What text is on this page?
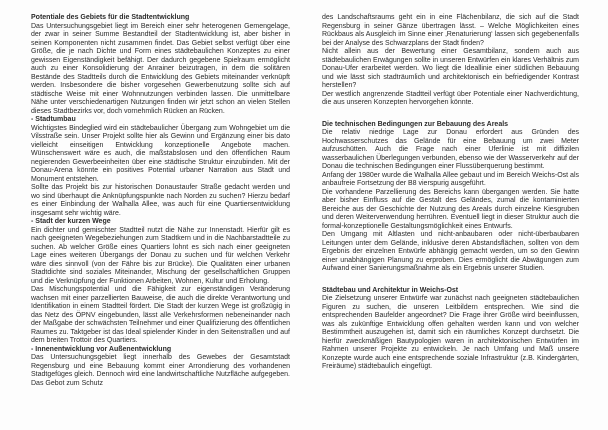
Potentiale des Gebiets für die Stadtentwicklung

Das Untersuchungsgebiet liegt im Bereich einer sehr heterogenen Gemengelage, der zwar in seiner Summe Bestandteil der Stadtentwicklung ist, aber bisher in seinen Komponenten nicht zusammen findet. Das Gebiet selbst verfügt über eine Größe, die je nach Dichte und Form eines städtebaulichen Konzeptes zu einer gewissen Eigenständigkeit befähigt. Der dadurch gegebene Spielraum ermöglicht auch zu einer Konsolidierung der Anrainer beizutragen, in dem die solitären Bestände des Stadtteils durch die Entwicklung des Gebiets miteinander verknüpft werden. Insbesondere die bisher vorgesehen Gewerbenutzung sollte sich auf städtische Weise mit einer Wohnnutzungen verbinden lassen. Die unmittelbare Nähe unter verschiedenartigen Nutzungen finden wir jetzt schon an vielen Stellen dieses Stadtbezirks vor, doch vornehmlich Rücken an Rücken.

- Stadtumbau

Wichtigstes Bindeglied wird ein städtebaulicher Übergang zum Wohngebiet um die Vilsstraße sein. Unser Projekt sollte hier als Gewinn und Ergänzung einer bis dato vielleicht einseitigen Entwicklung konzeptionelle Angebote machen. Wünschenswert wäre es auch, die maßstabslosen und den öffentlichen Raum negierenden Gewerbeeinheiten über eine städtische Struktur einzubinden. Mit der Donau-Arena könnte ein positives Potential urbaner Narration aus Stadt und Monument entstehen.

Sollte das Projekt bis zur historischen Donaustaufer Straße gedacht werden und wo sind überhaupt die Anknüpfungspunkte nach Norden zu suchen? Hierzu bedarf es einer Einbindung der Walhalla Allee, was auch für eine Quartiersentwicklung insgesamt sehr wichtig wäre.

- Stadt der kurzen Wege

Ein dichter und gemischter Stadtteil nutzt die Nähe zur Innenstadt. Hierfür gilt es nach geeigneten Wegebeziehungen zum Stadtkern und in die Nachbarstadtteile zu suchen. Ab welcher Größe eines Quartiers lohnt es sich nach einer geeigneten Lage eines weiteren Übergangs der Donau zu suchen und für welchen Verkehr wäre dies sinnvoll (von der Fähre bis zur Brücke). Die Qualitäten einer urbanen Stadtdichte sind soziales Miteinander, Mischung der gesellschaftlichen Gruppen und die Verknüpfung der Funktionen Arbeiten, Wohnen, Kultur und Erholung.

Das Mischungspotential und die Fähigkeit zur eigenständigen Veränderung wachsen mit einer parzellierten Bauweise, die auch die direkte Verantwortung und Identifikation in einem Stadtteil fördert. Die Stadt der kurzen Wege ist großzügig in das Netz des ÖPNV eingebunden, lässt alle Verkehrsformen nebeneinander nach der Maßgabe der schwächsten Teilnehmer und einer Qualifizierung des öffentlichen Raumes zu. Taktgeber ist das Ideal spielender Kinder in den Seitenstraßen und auf dem breiten Trottoir des Quartiers.

- Innenentwicklung vor Außenentwicklung

Das Untersuchungsgebiet liegt innerhalb des Gewebes der Gesamtstadt Regensburg und eine Bebauung kommt einer Arrondierung des vorhandenen Stadtgefüges gleich. Dennoch wird eine landwirtschaftliche Nutzfläche aufgegeben. Das Gebot zum Schutz

des Landschaftsraums geht ein in eine Flächenbilanz, die sich auf die Stadt Regensburg in seiner Gänze übertragen lässt. – Welche Möglichkeiten eines Rückbaus als Ausgleich im Sinne einer ‚Renaturierung‘ lassen sich gegebenenfalls bei der Analyse des Schwarzplans der Stadt finden?

Nicht allein aus der Bewertung einer Gesamtbilanz, sondern auch aus städtebaulichen Erwägungen sollte in unseren Entwürfen ein klares Verhältnis zum Donau-Ufer erarbeitet werden. Wo liegt die Ideallinie einer südlichen Bebauung und wie lässt sich stadträumlich und architektonisch ein befriedigender Kontrast herstellen?

Der westlich angrenzende Stadtteil verfügt über Potentiale einer Nachverdichtung, die aus unseren Konzepten hervorgehen könnte.

Die technischen Bedingungen zur Bebauung des Areals

Die relativ niedrige Lage zur Donau erfordert aus Gründen des Hochwasserschutzes das Gelände für eine Bebauung um zwei Meter aufzuschütten. Auch die Frage nach einer Uferlinie ist mit diffizilen wasserbaulichen Überlegungen verbunden, ebenso wie der Wasserverkehr auf der Donau die technischen Bedingungen einer Flussüberquerung bestimmt.

Anfang der 1980er wurde die Walhalla Allee gebaut und im Bereich Weichs-Ost als anbaufreie Fortsetzung der B8 vierspurig ausgeführt.

Die vorhandene Parzellierung des Bereichs kann übergangen werden. Sie hatte aber bisher Einfluss auf die Gestalt des Geländes, zumal die kontaminierten Bereiche aus der Geschichte der Nutzung des Areals durch einzelne Kiesgruben und deren Weiterverwendung herrühren. Eventuell liegt in dieser Struktur auch die formal-konzeptionelle Gestaltungsmöglichkeit eines Entwurfs.

Den Umgang mit Altlasten und nicht-anbaubaren oder nicht-überbaubaren Leitungen unter dem Gelände, inklusive deren Abstandsflächen, sollten von dem Ergebnis der einzelnen Entwürfe abhängig gemacht werden, um so den Gewinn einer unabhängigen Planung zu erproben. Dies ermöglicht die Abwägungen zum Aufwand einer Sanierungsmaßnahme als ein Ergebnis unserer Studien.

Städtebau und Architektur in Weichs-Ost

Die Zielsetzung unserer Entwürfe war zunächst nach geeigneten städtebaulichen Figuren zu suchen, die unseren Leitbildern entsprechen. Wie sind die entsprechenden Baufelder angeordnet? Die Frage ihrer Größe wird beeinflussen, was als zukünftige Entwicklung offen gehalten werden kann und von welcher Bestimmtheit auszugehen ist, damit sich ein räumliches Konzept durchsetzt. Die hierfür zweckmäßigen Bautypologien waren in architektonischen Entwürfen im Rahmen unserer Projekte zu entwickeln. Je nach Umfang und Maß unsere Konzepte wurde auch eine entsprechende soziale Infrastruktur (z.B. Kindergärten, Freiräume) städtebaulich eingefügt.
